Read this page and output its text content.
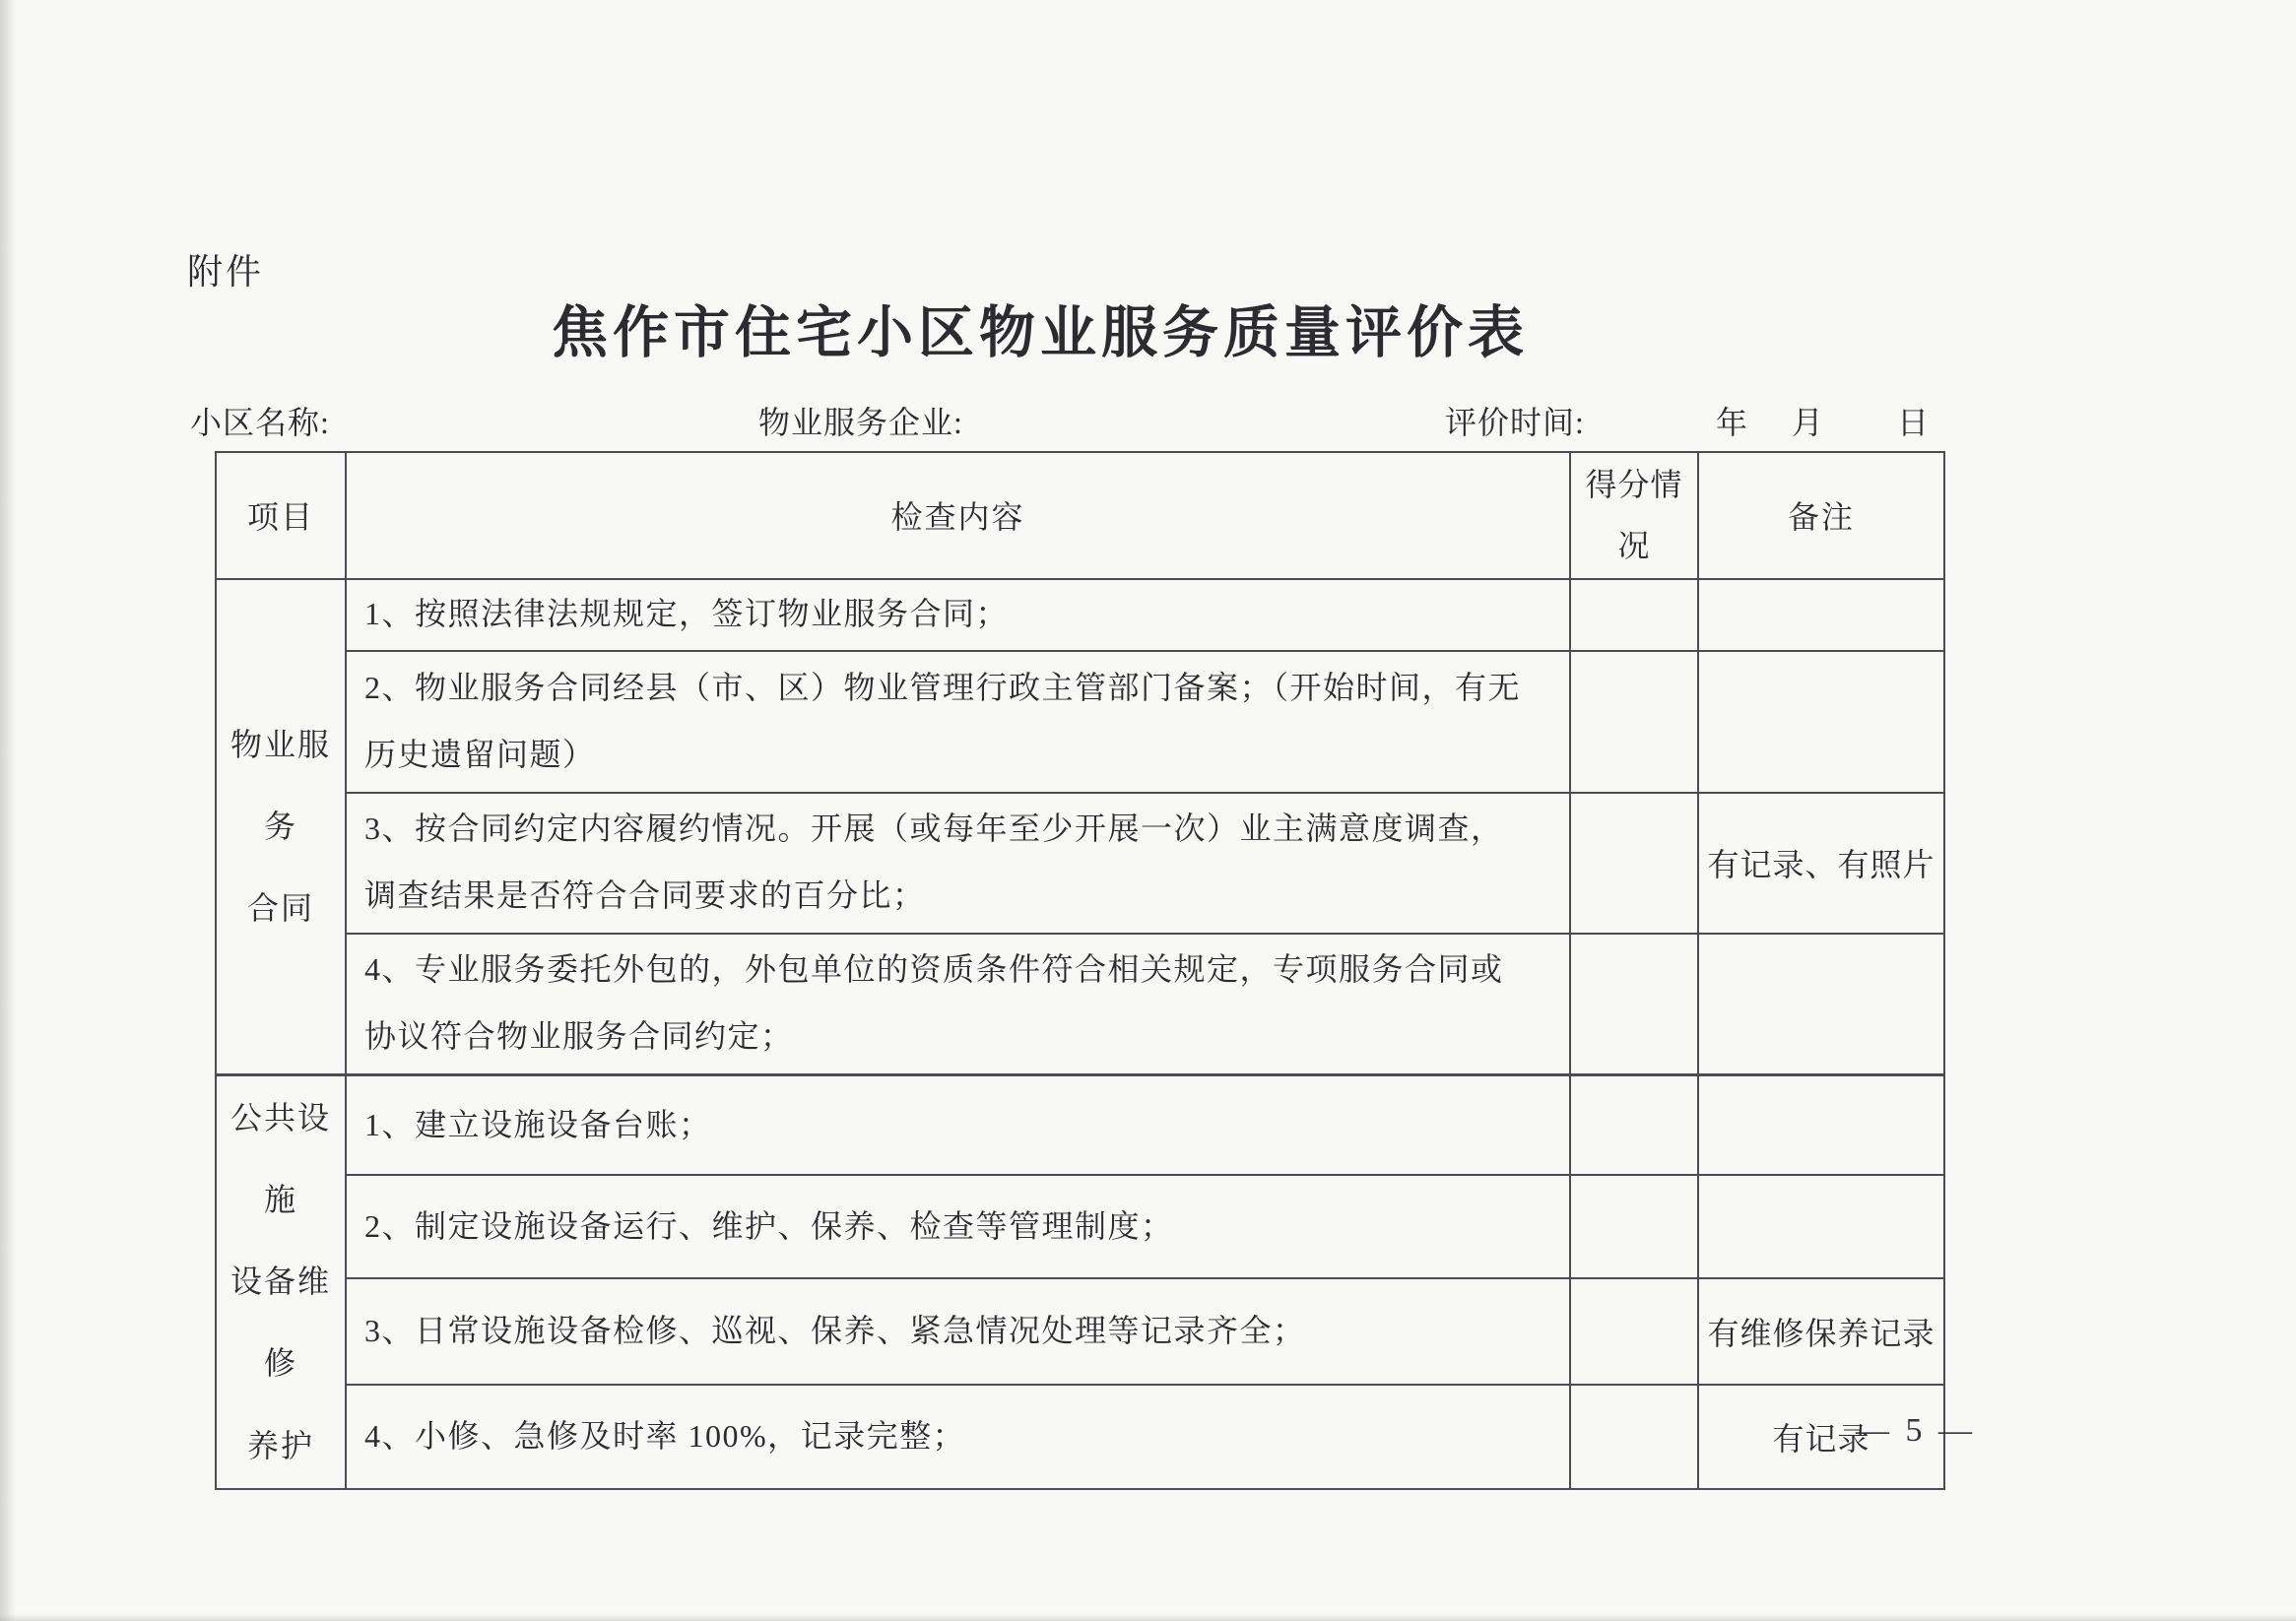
附件
焦作市住宅小区物业服务质量评价表
小区名称:	物业服务企业:	评价时间:	年 月 日
项目	检查内容	得分情况	备注

物业服务
合同	1、按照法律法规规定，签订物业服务合同；		
	2、物业服务合同经县（市、区）物业管理行政主管部门备案；（开始时间，有无历史遗留问题）		
	3、按合同约定内容履约情况。开展（或每年至少开展一次）业主满意度调查，调查结果是否符合合同要求的百分比；		有记录、有照片
	4、专业服务委托外包的，外包单位的资质条件符合相关规定，专项服务合同或协议符合物业服务合同约定；		

公共设施
设备维修
养护	1、建立设施设备台账；		
	2、制定设施设备运行、维护、保养、检查等管理制度；		
	3、日常设施设备检修、巡视、保养、紧急情况处理等记录齐全；		有维修保养记录
	4、小修、急修及时率 100%，记录完整；		有记录
— 5 —
